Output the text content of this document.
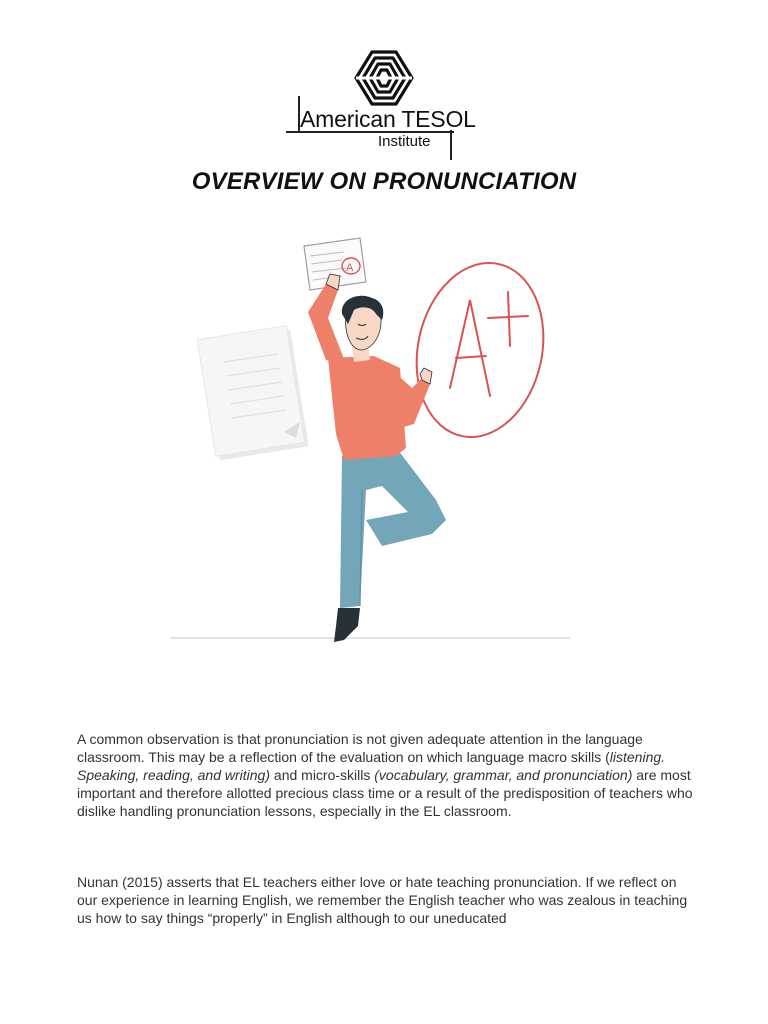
American TESOL
Institute
OVERVIEW ON PRONUNCIATION
A

A common observation is that pronunciation is not given adequate attention in the language classroom. This may be a reflection of the evaluation on which language macro skills (listening. Speaking, reading, and writing) and micro-skills (vocabulary, grammar, and pronunciation) are most important and therefore allotted precious class time or a result of the predisposition of teachers who dislike handling pronunciation lessons, especially in the EL classroom.

Nunan (2015) asserts that EL teachers either love or hate teaching pronunciation. If we reflect on our experience in learning English, we remember the English teacher who was zealous in teaching us how to say things “properly” in English although to our uneducated
